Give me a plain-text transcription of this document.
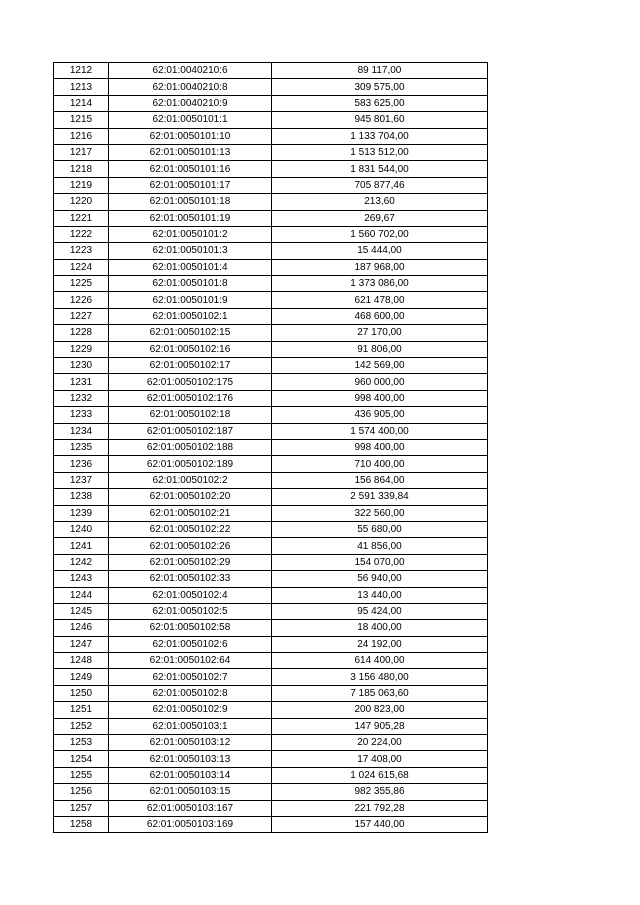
1212	62:01:0040210:6	89 117,00
1213	62:01:0040210:8	309 575,00
1214	62:01:0040210:9	583 625,00
1215	62:01:0050101:1	945 801,60
1216	62:01:0050101:10	1 133 704,00
1217	62:01:0050101:13	1 513 512,00
1218	62:01:0050101:16	1 831 544,00
1219	62:01:0050101:17	705 877,46
1220	62:01:0050101:18	213,60
1221	62:01:0050101:19	269,67
1222	62:01:0050101:2	1 560 702,00
1223	62:01:0050101:3	15 444,00
1224	62:01:0050101:4	187 968,00
1225	62:01:0050101:8	1 373 086,00
1226	62:01:0050101:9	621 478,00
1227	62:01:0050102:1	468 600,00
1228	62:01:0050102:15	27 170,00
1229	62:01:0050102:16	91 806,00
1230	62:01:0050102:17	142 569,00
1231	62:01:0050102:175	960 000,00
1232	62:01:0050102:176	998 400,00
1233	62:01:0050102:18	436 905,00
1234	62:01:0050102:187	1 574 400,00
1235	62:01:0050102:188	998 400,00
1236	62:01:0050102:189	710 400,00
1237	62:01:0050102:2	156 864,00
1238	62:01:0050102:20	2 591 339,84
1239	62:01:0050102:21	322 560,00
1240	62:01:0050102:22	55 680,00
1241	62:01:0050102:26	41 856,00
1242	62:01:0050102:29	154 070,00
1243	62:01:0050102:33	56 940,00
1244	62:01:0050102:4	13 440,00
1245	62:01:0050102:5	95 424,00
1246	62:01:0050102:58	18 400,00
1247	62:01:0050102:6	24 192,00
1248	62:01:0050102:64	614 400,00
1249	62:01:0050102:7	3 156 480,00
1250	62:01:0050102:8	7 185 063,60
1251	62:01:0050102:9	200 823,00
1252	62:01:0050103:1	147 905,28
1253	62:01:0050103:12	20 224,00
1254	62:01:0050103:13	17 408,00
1255	62:01:0050103:14	1 024 615,68
1256	62:01:0050103:15	982 355,86
1257	62:01:0050103:167	221 792,28
1258	62:01:0050103:169	157 440,00
